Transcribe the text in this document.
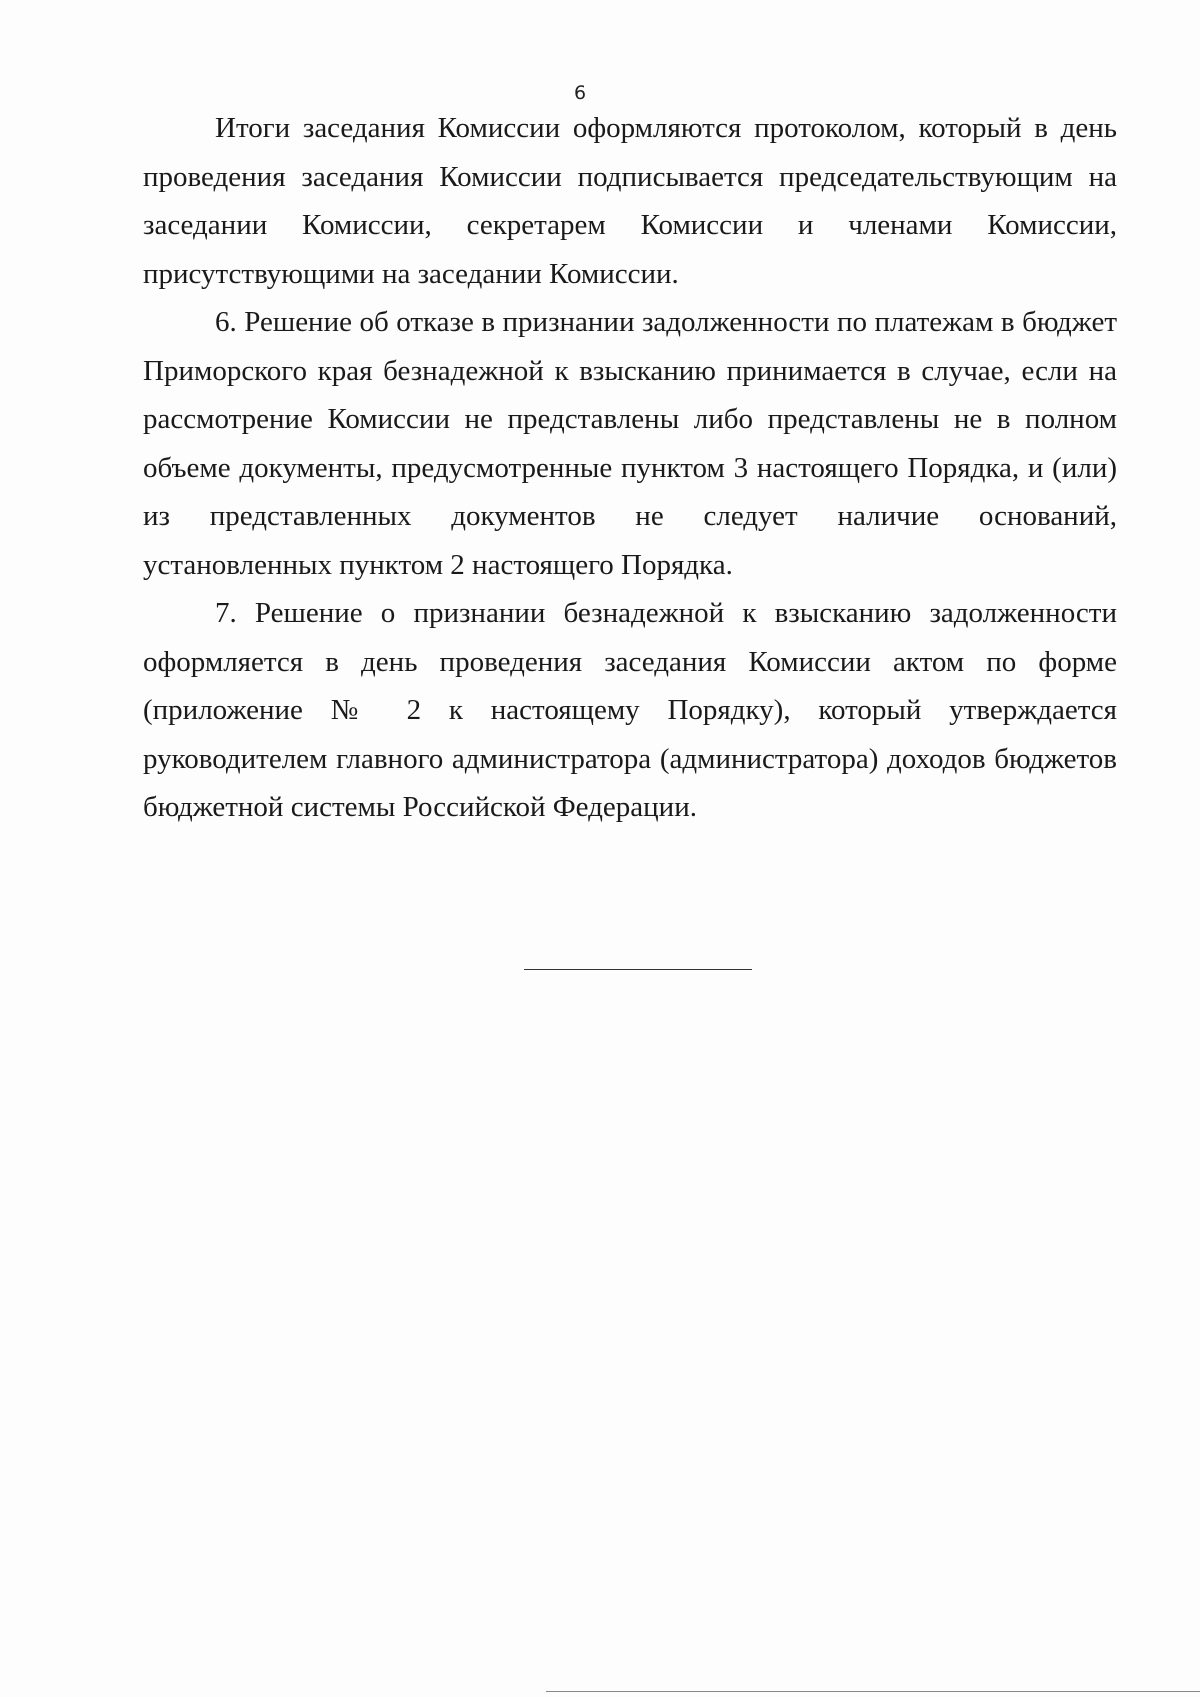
6

Итоги заседания Комиссии оформляются протоколом, который в день проведения заседания Комиссии подписывается председательствующим на заседании Комиссии, секретарем Комиссии и членами Комиссии, присутствующими на заседании Комиссии.

6. Решение об отказе в признании задолженности по платежам в бюджет Приморского края безнадежной к взысканию принимается в случае, если на рассмотрение Комиссии не представлены либо представлены не в полном объеме документы, предусмотренные пунктом 3 настоящего Порядка, и (или) из представленных документов не следует наличие оснований, установленных пунктом 2 настоящего Порядка.

7. Решение о признании безнадежной к взысканию задолженности оформляется в день проведения заседания Комиссии актом по форме (приложение № 2 к настоящему Порядку), который утверждается руководителем главного администратора (администратора) доходов бюджетов бюджетной системы Российской Федерации.
